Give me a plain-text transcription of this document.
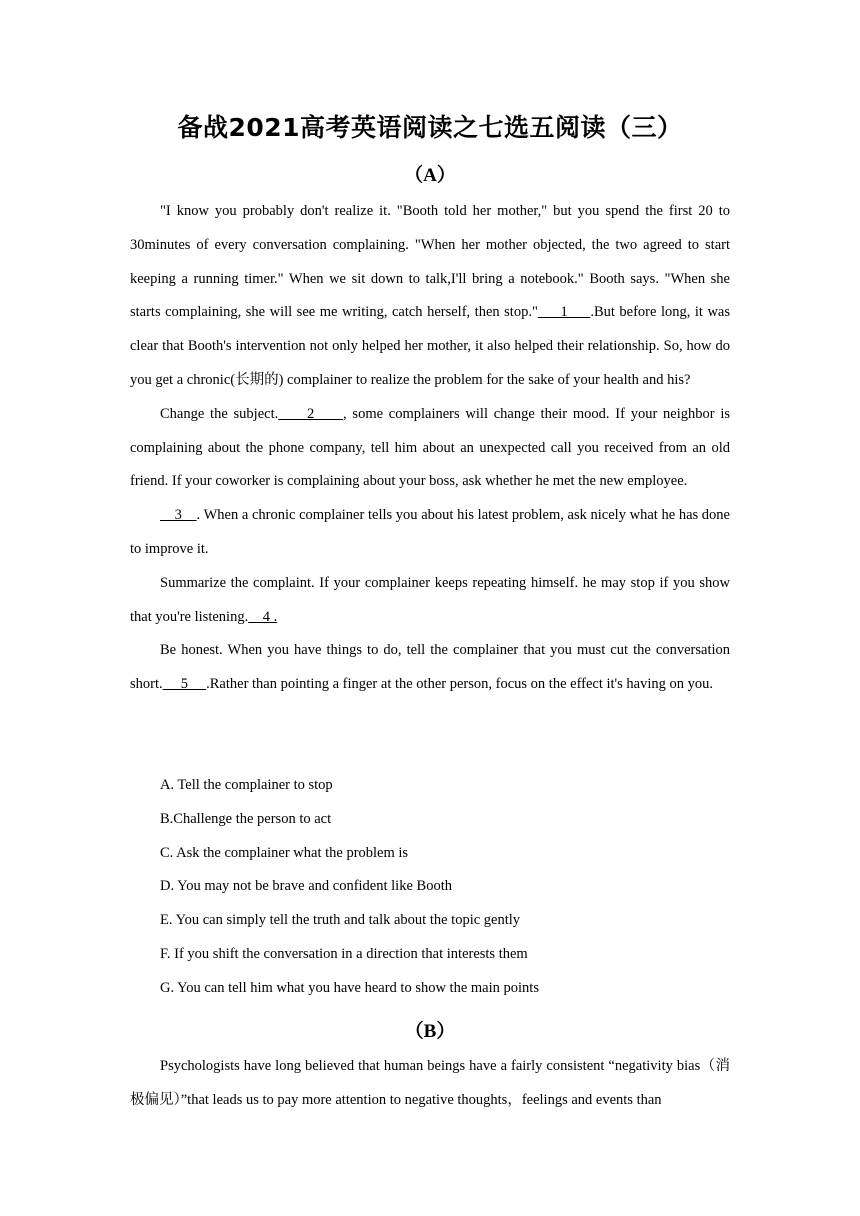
备战2021高考英语阅读之七选五阅读（三）
（A）

"I know you probably don't realize it. "Booth told her mother," but you spend the first 20 to 30minutes of every conversation complaining. "When her mother objected, the two agreed to start keeping a running timer." When we sit down to talk,I'll bring a notebook." Booth says. "When she starts complaining, she will see me writing, catch herself, then stop."     1     .But before long, it was clear that Booth's intervention not only helped her mother, it also helped their relationship. So, how do you get a chronic(长期的) complainer to realize the problem for the sake of your health and his?

Change the subject.     2     , some complainers will change their mood. If your neighbor is complaining about the phone company, tell him about an unexpected call you received from an old friend. If your coworker is complaining about your boss, ask whether he met the new employee.

3    . When a chronic complainer tells you about his latest problem, ask nicely what he has done to improve it.

Summarize the complaint. If your complainer keeps repeating himself. he may stop if you show that you're listening.    4 .

Be honest. When you have things to do, tell the complainer that you must cut the conversation short.     5     .Rather than pointing a finger at the other person, focus on the effect it's having on you.

A. Tell the complainer to stop
B.Challenge the person to act
C. Ask the complainer what the problem is
D. You may not be brave and confident like Booth
E. You can simply tell the truth and talk about the topic gently
F. If you shift the conversation in a direction that interests them
G. You can tell him what you have heard to show the main points
（B）

Psychologists have long believed that human beings have a fairly consistent “negativity bias（消极偏见）”that leads us to pay more attention to negative thoughts，feelings and events than
